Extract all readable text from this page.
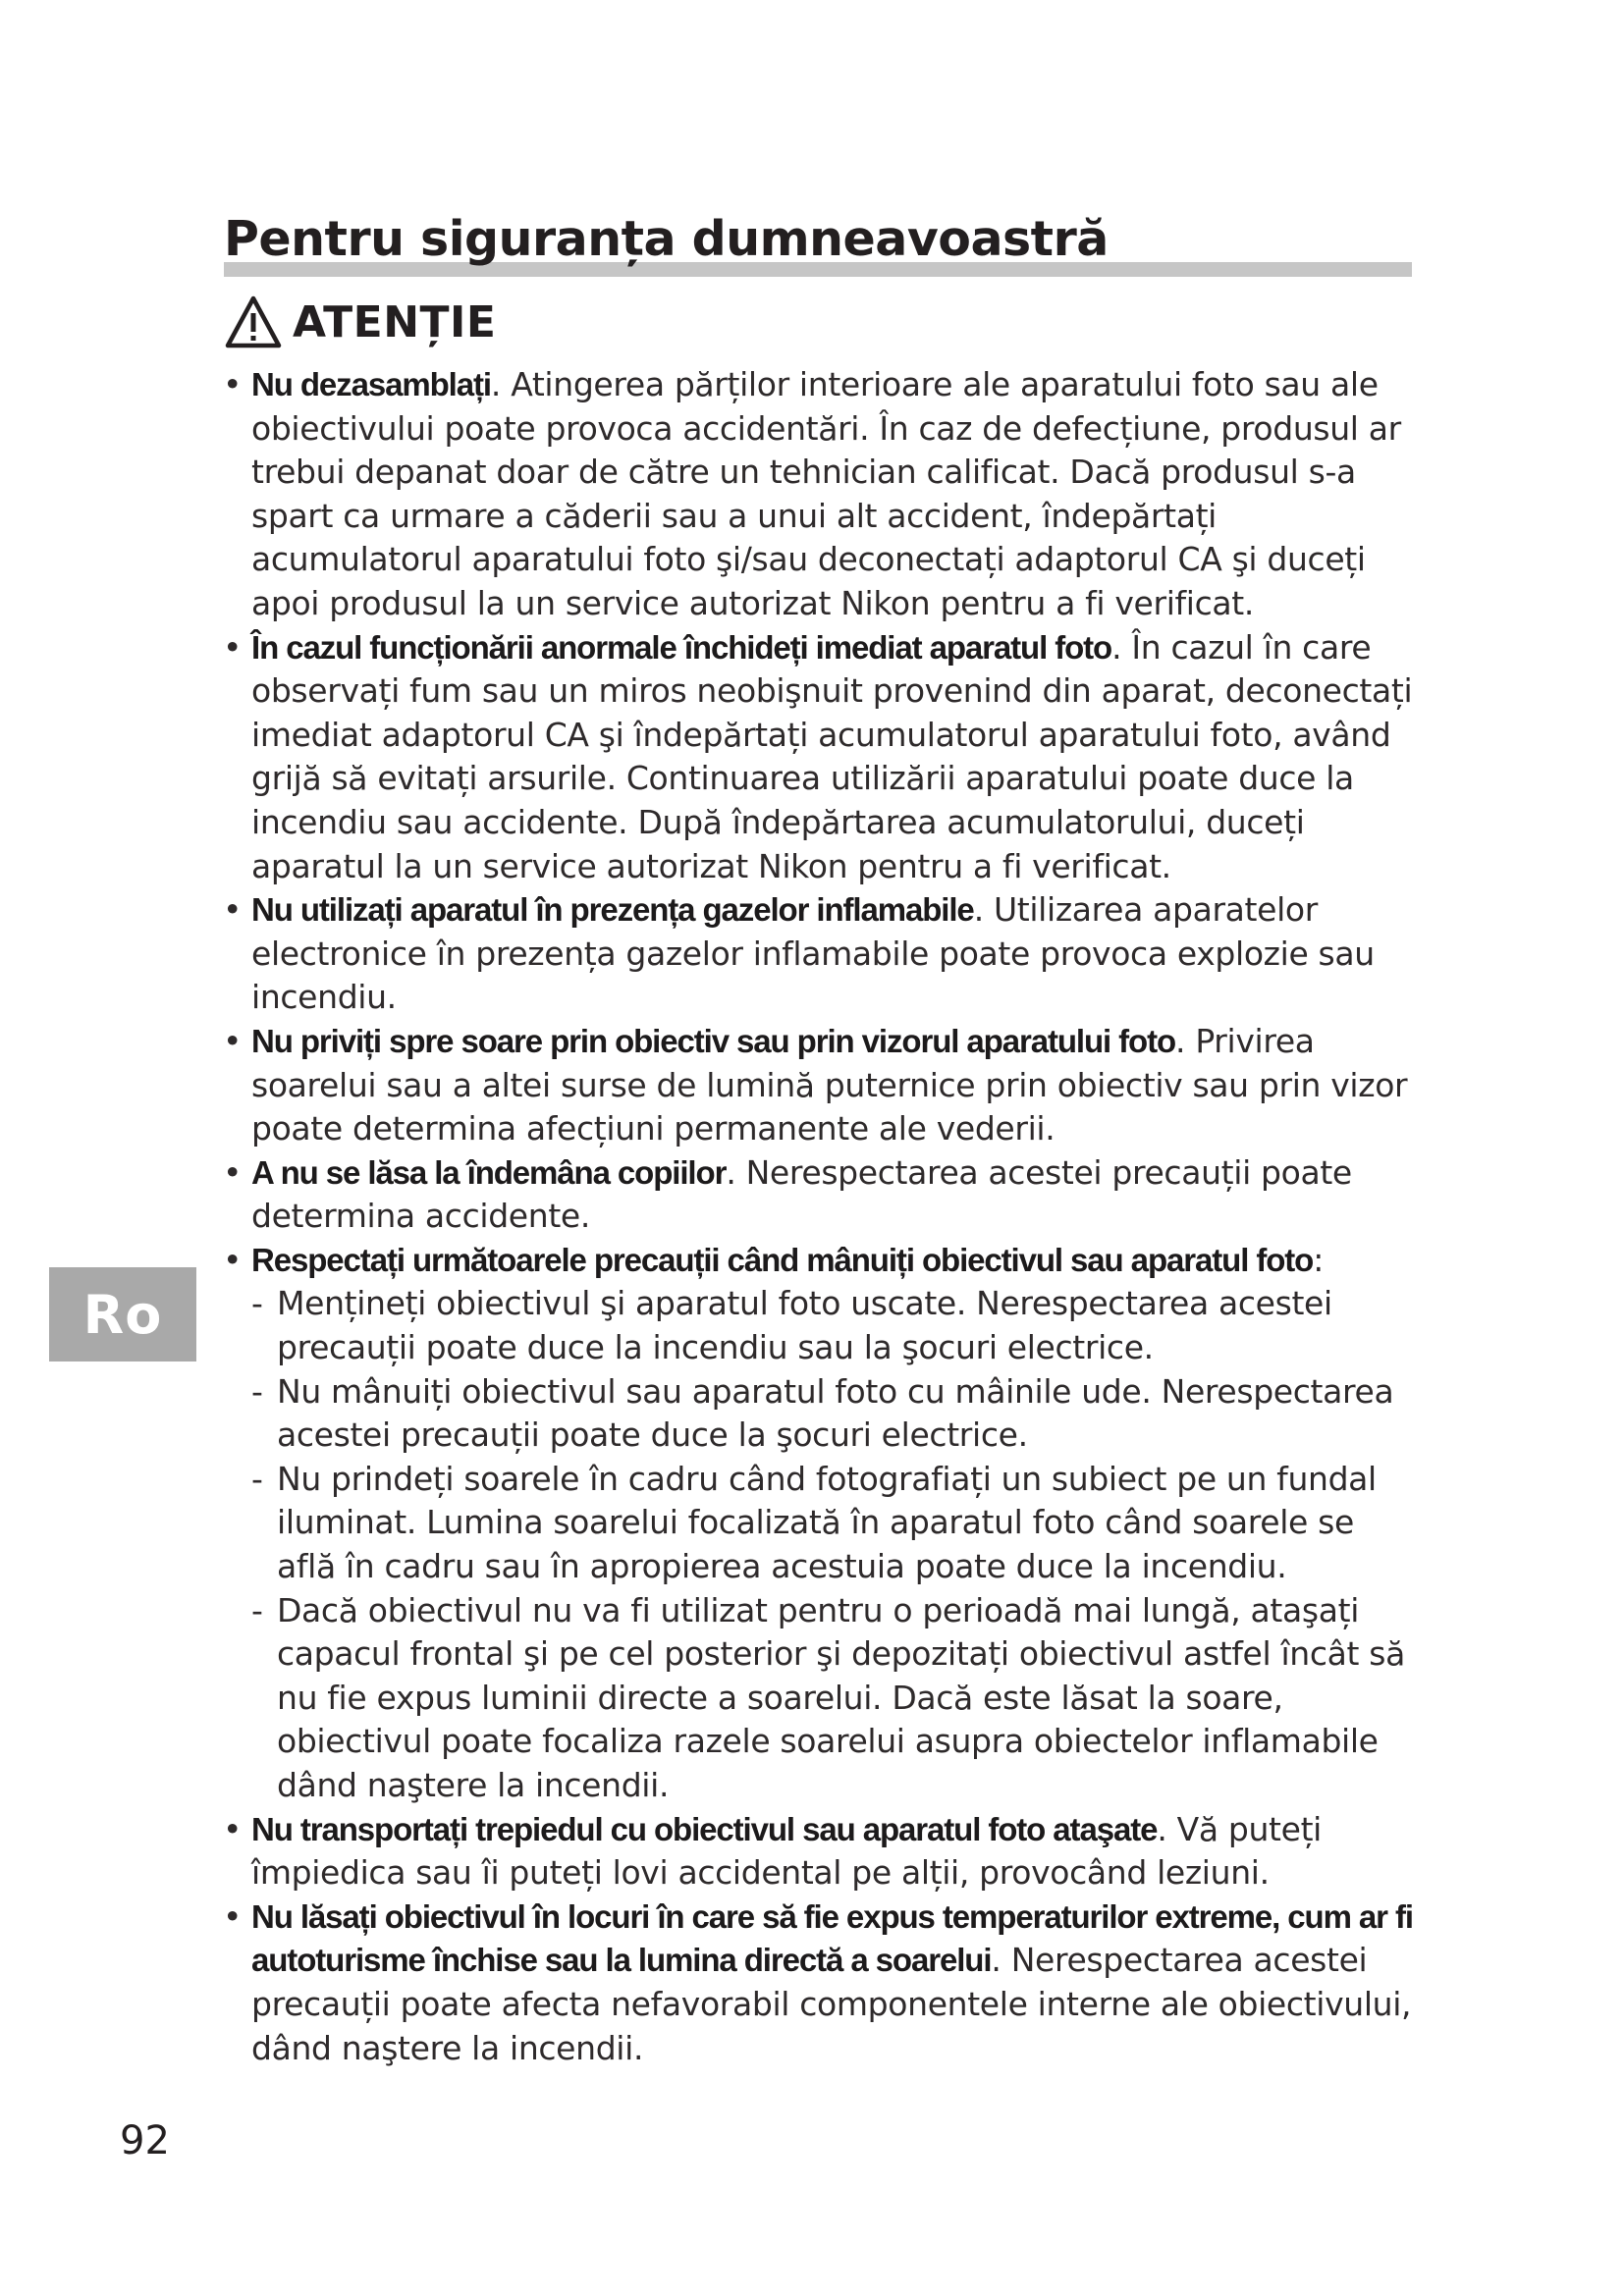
Pentru siguranța dumneavoastră
ATENȚIE
• Nu dezasamblați. Atingerea părților interioare ale aparatului foto sau ale obiectivului poate provoca accidentări. În caz de defecțiune, produsul ar trebui depanat doar de către un tehnician calificat. Dacă produsul s-a spart ca urmare a căderii sau a unui alt accident, îndepărtați acumulatorul aparatului foto şi/sau deconectați adaptorul CA şi duceți apoi produsul la un service autorizat Nikon pentru a fi verificat.
• În cazul funcționării anormale închideți imediat aparatul foto. În cazul în care observați fum sau un miros neobişnuit provenind din aparat, deconectați imediat adaptorul CA şi îndepărtați acumulatorul aparatului foto, având grijă să evitați arsurile. Continuarea utilizării aparatului poate duce la incendiu sau accidente. După îndepărtarea acumulatorului, duceți aparatul la un service autorizat Nikon pentru a fi verificat.
• Nu utilizați aparatul în prezența gazelor inflamabile. Utilizarea aparatelor electronice în prezența gazelor inflamabile poate provoca explozie sau incendiu.
• Nu priviți spre soare prin obiectiv sau prin vizorul aparatului foto. Privirea soarelui sau a altei surse de lumină puternice prin obiectiv sau prin vizor poate determina afecțiuni permanente ale vederii.
• A nu se lăsa la îndemâna copiilor. Nerespectarea acestei precauții poate determina accidente.
• Respectați următoarele precauții când mânuiți obiectivul sau aparatul foto:
- Mențineți obiectivul şi aparatul foto uscate. Nerespectarea acestei precauții poate duce la incendiu sau la şocuri electrice.
- Nu mânuiți obiectivul sau aparatul foto cu mâinile ude. Nerespectarea acestei precauții poate duce la şocuri electrice.
- Nu prindeți soarele în cadru când fotografiați un subiect pe un fundal iluminat. Lumina soarelui focalizată în aparatul foto când soarele se află în cadru sau în apropierea acestuia poate duce la incendiu.
- Dacă obiectivul nu va fi utilizat pentru o perioadă mai lungă, ataşați capacul frontal şi pe cel posterior şi depozitați obiectivul astfel încât să nu fie expus luminii directe a soarelui. Dacă este lăsat la soare, obiectivul poate focaliza razele soarelui asupra obiectelor inflamabile dând naştere la incendii.
• Nu transportați trepiedul cu obiectivul sau aparatul foto ataşate. Vă puteți împiedica sau îi puteți lovi accidental pe alții, provocând leziuni.
• Nu lăsați obiectivul în locuri în care să fie expus temperaturilor extreme, cum ar fi autoturisme închise sau la lumina directă a soarelui. Nerespectarea acestei precauții poate afecta nefavorabil componentele interne ale obiectivului, dând naştere la incendii.
Ro
92
